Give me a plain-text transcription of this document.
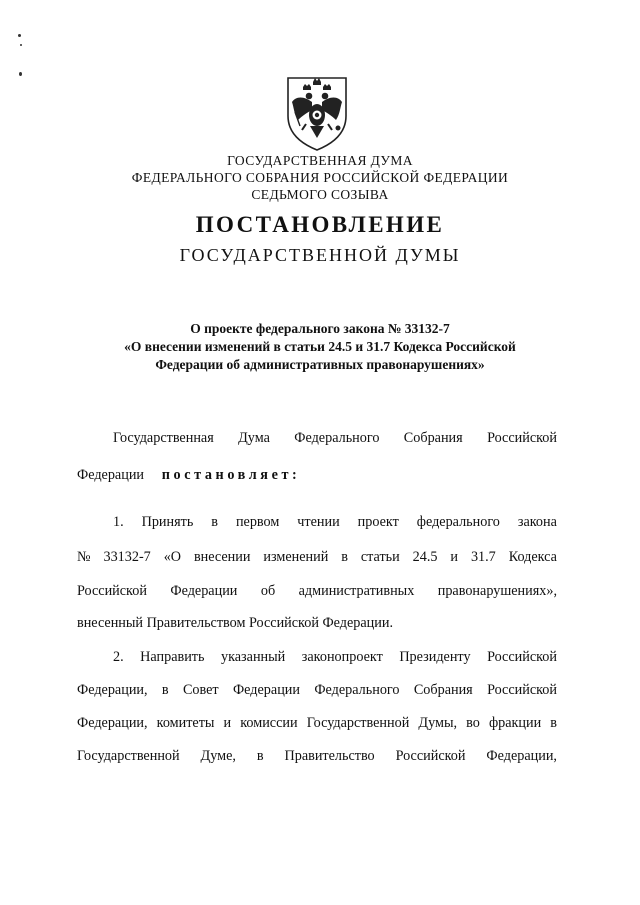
ГОСУДАРСТВЕННАЯ ДУМА
ФЕДЕРАЛЬНОГО СОБРАНИЯ РОССИЙСКОЙ ФЕДЕРАЦИИ
СЕДЬМОГО СОЗЫВА
ПОСТАНОВЛЕНИЕ
ГОСУДАРСТВЕННОЙ ДУМЫ
О проекте федерального закона № 33132-7
«О внесении изменений в статьи 24.5 и 31.7 Кодекса Российской
Федерации об административных правонарушениях»
Государственная Дума Федерального Собрания Российской
Федерации постановляет:
1. Принять в первом чтении проект федерального закона
№ 33132-7 «О внесении изменений в статьи 24.5 и 31.7 Кодекса
Российской Федерации об административных правонарушениях»,
внесенный Правительством Российской Федерации.
2. Направить указанный законопроект Президенту Российской
Федерации, в Совет Федерации Федерального Собрания Российской
Федерации, комитеты и комиссии Государственной Думы, во фракции в
Государственной Думе, в Правительство Российской Федерации,
